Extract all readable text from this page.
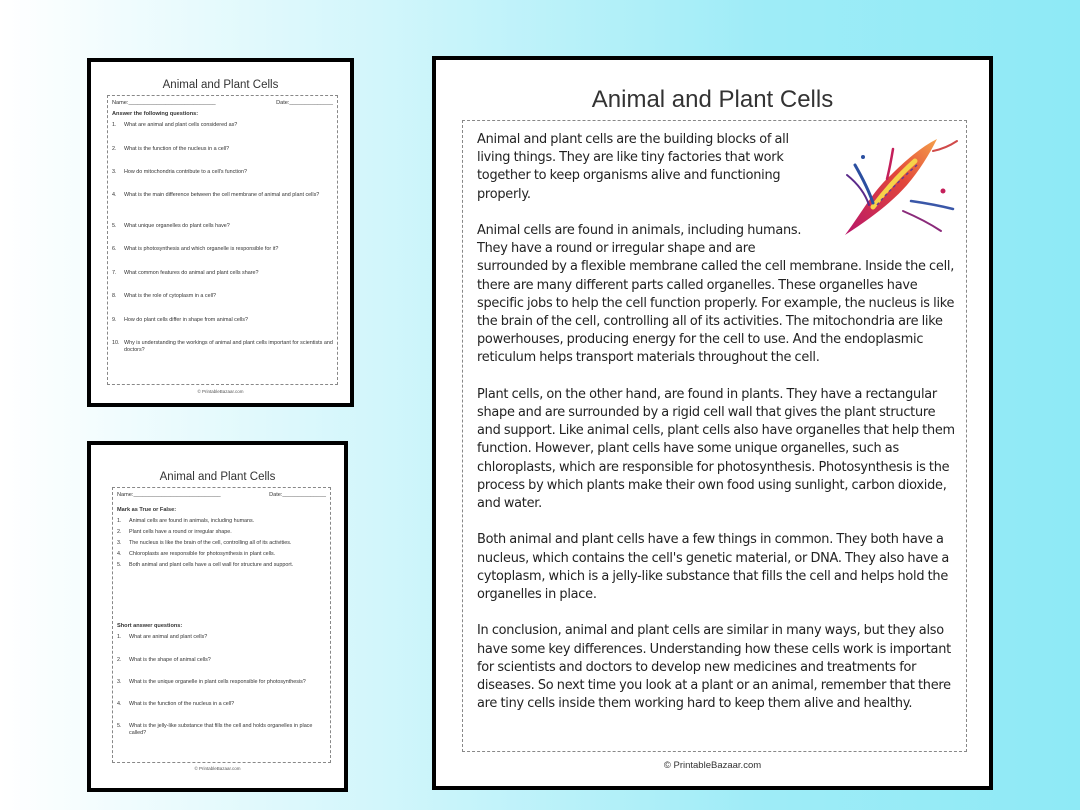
Animal and Plant Cells
Name:____________________________	Date:______________
Answer the following questions:
1.	What are animal and plant cells considered as?
2.	What is the function of the nucleus in a cell?
3.	How do mitochondria contribute to a cell's function?
4.	What is the main difference between the cell membrane of animal and plant cells?
5.	What unique organelles do plant cells have?
6.	What is photosynthesis and which organelle is responsible for it?
7.	What common features do animal and plant cells share?
8.	What is the role of cytoplasm in a cell?
9.	How do plant cells differ in shape from animal cells?
10. Why is understanding the workings of animal and plant cells important for scientists and doctors?
© PrintableBazaar.com
Animal and Plant Cells
Name:____________________________	Date:______________
Mark as True or False:
1.	Animal cells are found in animals, including humans.
2.	Plant cells have a round or irregular shape.
3.	The nucleus is like the brain of the cell, controlling all of its activities.
4.	Chloroplasts are responsible for photosynthesis in plant cells.
5.	Both animal and plant cells have a cell wall for structure and support.
Short answer questions:
1.	What are animal and plant cells?
2.	What is the shape of animal cells?
3.	What is the unique organelle in plant cells responsible for photosynthesis?
4.	What is the function of the nucleus in a cell?
5.	What is the jelly-like substance that fills the cell and holds organelles in place called?
© PrintableBazaar.com
Animal and Plant Cells

Animal and plant cells are the building blocks of all living things. They are like tiny factories that work together to keep organisms alive and functioning properly.

Animal cells are found in animals, including humans. They have a round or irregular shape and are surrounded by a flexible membrane called the cell membrane. Inside the cell, there are many different parts called organelles. These organelles have specific jobs to help the cell function properly. For example, the nucleus is like the brain of the cell, controlling all of its activities. The mitochondria are like powerhouses, producing energy for the cell to use. And the endoplasmic reticulum helps transport materials throughout the cell.

Plant cells, on the other hand, are found in plants. They have a rectangular shape and are surrounded by a rigid cell wall that gives the plant structure and support. Like animal cells, plant cells also have organelles that help them function. However, plant cells have some unique organelles, such as chloroplasts, which are responsible for photosynthesis. Photosynthesis is the process by which plants make their own food using sunlight, carbon dioxide, and water.

Both animal and plant cells have a few things in common. They both have a nucleus, which contains the cell's genetic material, or DNA. They also have a cytoplasm, which is a jelly-like substance that fills the cell and helps hold the organelles in place.

In conclusion, animal and plant cells are similar in many ways, but they also have some key differences. Understanding how these cells work is important for scientists and doctors to develop new medicines and treatments for diseases. So next time you look at a plant or an animal, remember that there are tiny cells inside them working hard to keep them alive and healthy.

© PrintableBazaar.com
